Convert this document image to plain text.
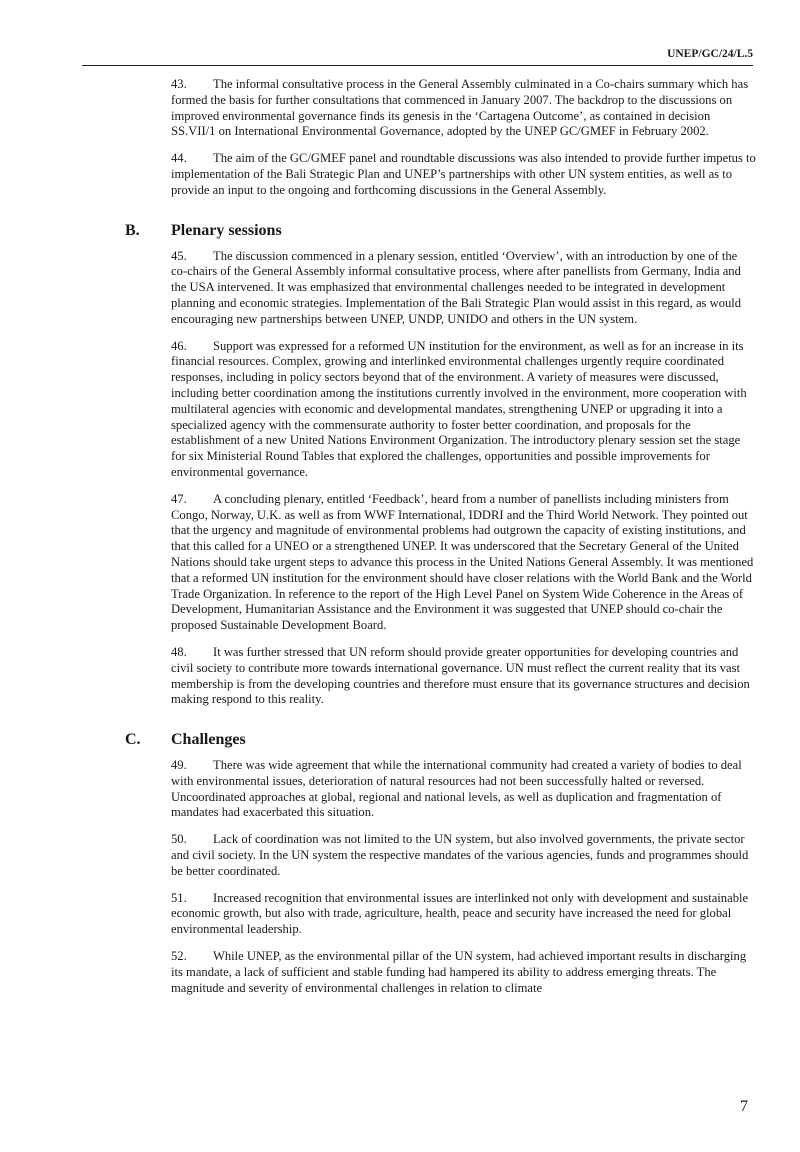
UNEP/GC/24/L.5

43. The informal consultative process in the General Assembly culminated in a Co-chairs summary which has formed the basis for further consultations that commenced in January 2007. The backdrop to the discussions on improved environmental governance finds its genesis in the ‘Cartagena Outcome’, as contained in decision SS.VII/1 on International Environmental Governance, adopted by the UNEP GC/GMEF in February 2002.

44. The aim of the GC/GMEF panel and roundtable discussions was also intended to provide further impetus to implementation of the Bali Strategic Plan and UNEP’s partnerships with other UN system entities, as well as to provide an input to the ongoing and forthcoming discussions in the General Assembly.

B. Plenary sessions

45. The discussion commenced in a plenary session, entitled ‘Overview’, with an introduction by one of the co-chairs of the General Assembly informal consultative process, where after panellists from Germany, India and the USA intervened. It was emphasized that environmental challenges needed to be integrated in development planning and economic strategies. Implementation of the Bali Strategic Plan would assist in this regard, as would encouraging new partnerships between UNEP, UNDP, UNIDO and others in the UN system.

46. Support was expressed for a reformed UN institution for the environment, as well as for an increase in its financial resources. Complex, growing and interlinked environmental challenges urgently require coordinated responses, including in policy sectors beyond that of the environment. A variety of measures were discussed, including better coordination among the institutions currently involved in the environment, more cooperation with multilateral agencies with economic and developmental mandates, strengthening UNEP or upgrading it into a specialized agency with the commensurate authority to foster better coordination, and proposals for the establishment of a new United Nations Environment Organization. The introductory plenary session set the stage for six Ministerial Round Tables that explored the challenges, opportunities and possible improvements for environmental governance.

47. A concluding plenary, entitled ‘Feedback’, heard from a number of panellists including ministers from Congo, Norway, U.K. as well as from WWF International, IDDRI and the Third World Network. They pointed out that the urgency and magnitude of environmental problems had outgrown the capacity of existing institutions, and that this called for a UNEO or a strengthened UNEP. It was underscored that the Secretary General of the United Nations should take urgent steps to advance this process in the United Nations General Assembly. It was mentioned that a reformed UN institution for the environment should have closer relations with the World Bank and the World Trade Organization. In reference to the report of the High Level Panel on System Wide Coherence in the Areas of Development, Humanitarian Assistance and the Environment it was suggested that UNEP should co-chair the proposed Sustainable Development Board.

48. It was further stressed that UN reform should provide greater opportunities for developing countries and civil society to contribute more towards international governance. UN must reflect the current reality that its vast membership is from the developing countries and therefore must ensure that its governance structures and decision making respond to this reality.

C. Challenges

49. There was wide agreement that while the international community had created a variety of bodies to deal with environmental issues, deterioration of natural resources had not been successfully halted or reversed. Uncoordinated approaches at global, regional and national levels, as well as duplication and fragmentation of mandates had exacerbated this situation.

50. Lack of coordination was not limited to the UN system, but also involved governments, the private sector and civil society. In the UN system the respective mandates of the various agencies, funds and programmes should be better coordinated.

51. Increased recognition that environmental issues are interlinked not only with development and sustainable economic growth, but also with trade, agriculture, health, peace and security have increased the need for global environmental leadership.

52. While UNEP, as the environmental pillar of the UN system, had achieved important results in discharging its mandate, a lack of sufficient and stable funding had hampered its ability to address emerging threats. The magnitude and severity of environmental challenges in relation to climate

7
